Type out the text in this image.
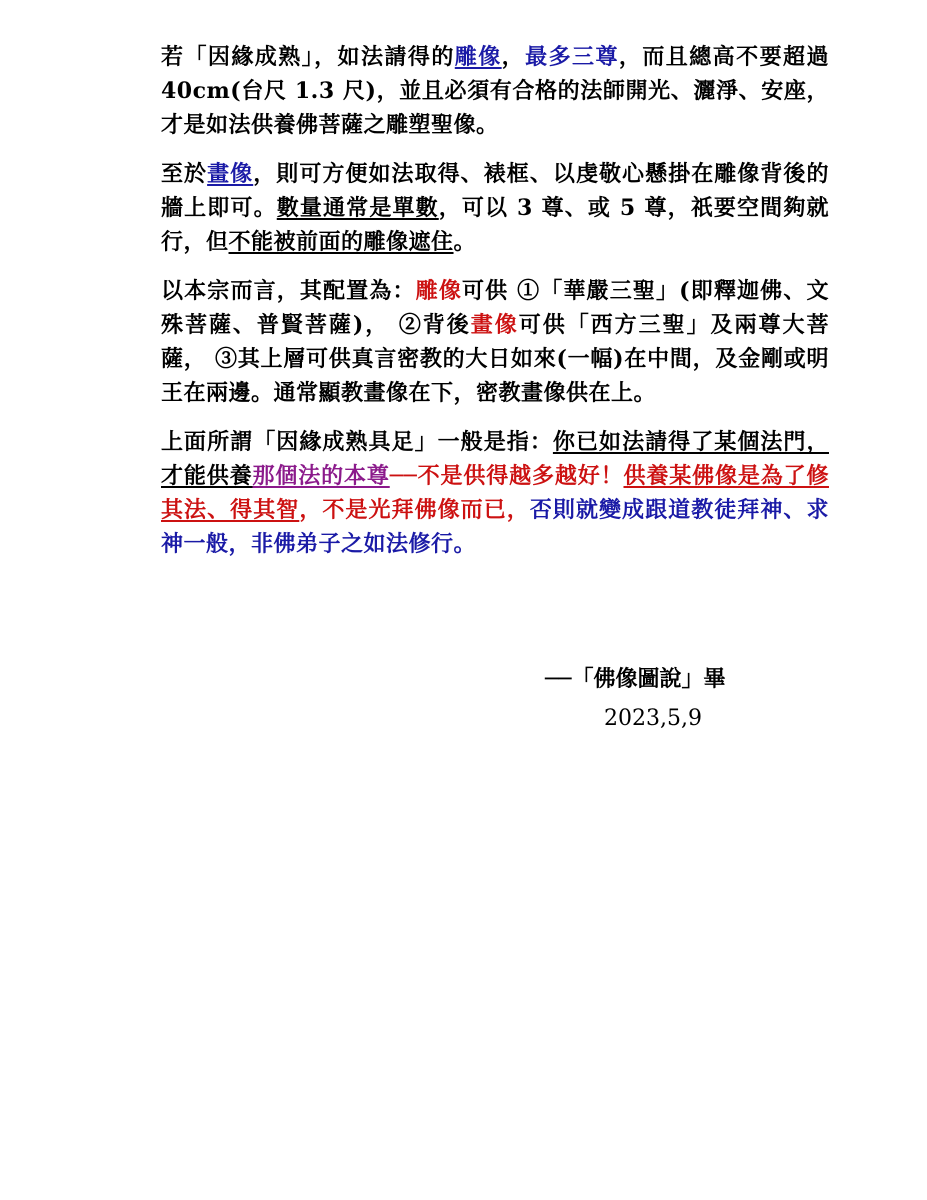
若「因緣成熟」，如法請得的雕像，最多三尊，而且總高不要超過 40cm(台尺 1.3 尺)，並且必須有合格的法師開光、灑淨、安座，才是如法供養佛菩薩之雕塑聖像。

至於畫像，則可方便如法取得、裱框、以虔敬心懸掛在雕像背後的牆上即可。數量通常是單數，可以 3 尊、或 5 尊，祇要空間夠就行，但不能被前面的雕像遮住。

以本宗而言，其配置為：雕像可供 ①「華嚴三聖」(即釋迦佛、文殊菩薩、普賢菩薩)， ②背後畫像可供「西方三聖」及兩尊大菩薩， ③其上層可供真言密教的大日如來(一幅)在中間，及金剛或明王在兩邊。通常顯教畫像在下，密教畫像供在上。

上面所謂「因緣成熟具足」一般是指：你已如法請得了某個法門，才能供養那個法的本尊──不是供得越多越好！供養某佛像是為了修其法、得其智，不是光拜佛像而已，否則就變成跟道教徒拜神、求神一般，非佛弟子之如法修行。

──「佛像圖說」畢
2023,5,9
